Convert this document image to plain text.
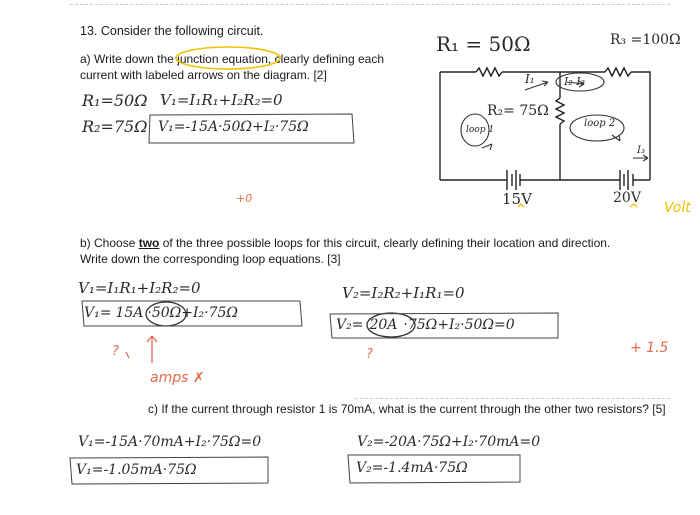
13. Consider the following circuit.
a) Write down the junction equation, clearly defining each
current with labeled arrows on the diagram. [2]
b) Choose two of the three possible loops for this circuit, clearly defining their location and direction.
Write down the corresponding loop equations. [3]
c) If the current through resistor 1 is 70mA, what is the current through the other two resistors? [5]
R₁ = 50Ω	R₃ =100Ω
R₂= 75Ω
I₁	I₂ I₃
loop 1
loop 2
I₃
15V	20V
Volt
R₁=50Ω V₁=I₁R₁+I₂R₂=0
R₂=75Ω V₁=-15A·50Ω+I₂·75Ω
V₁=I₁R₁+I₂R₂=0
V₁= 15A ·50Ω+I₂·75Ω
V₂=I₂R₂+I₁R₁=0
V₂= 20A ·75Ω+I₂·50Ω=0
V₁=-15A·70mA+I₂·75Ω=0
V₁=-1.05mA·75Ω
V₂=-20A·75Ω+I₂·70mA=0
V₂=-1.4mA·75Ω
+0
?	?
amps ✗
+ 1.5
